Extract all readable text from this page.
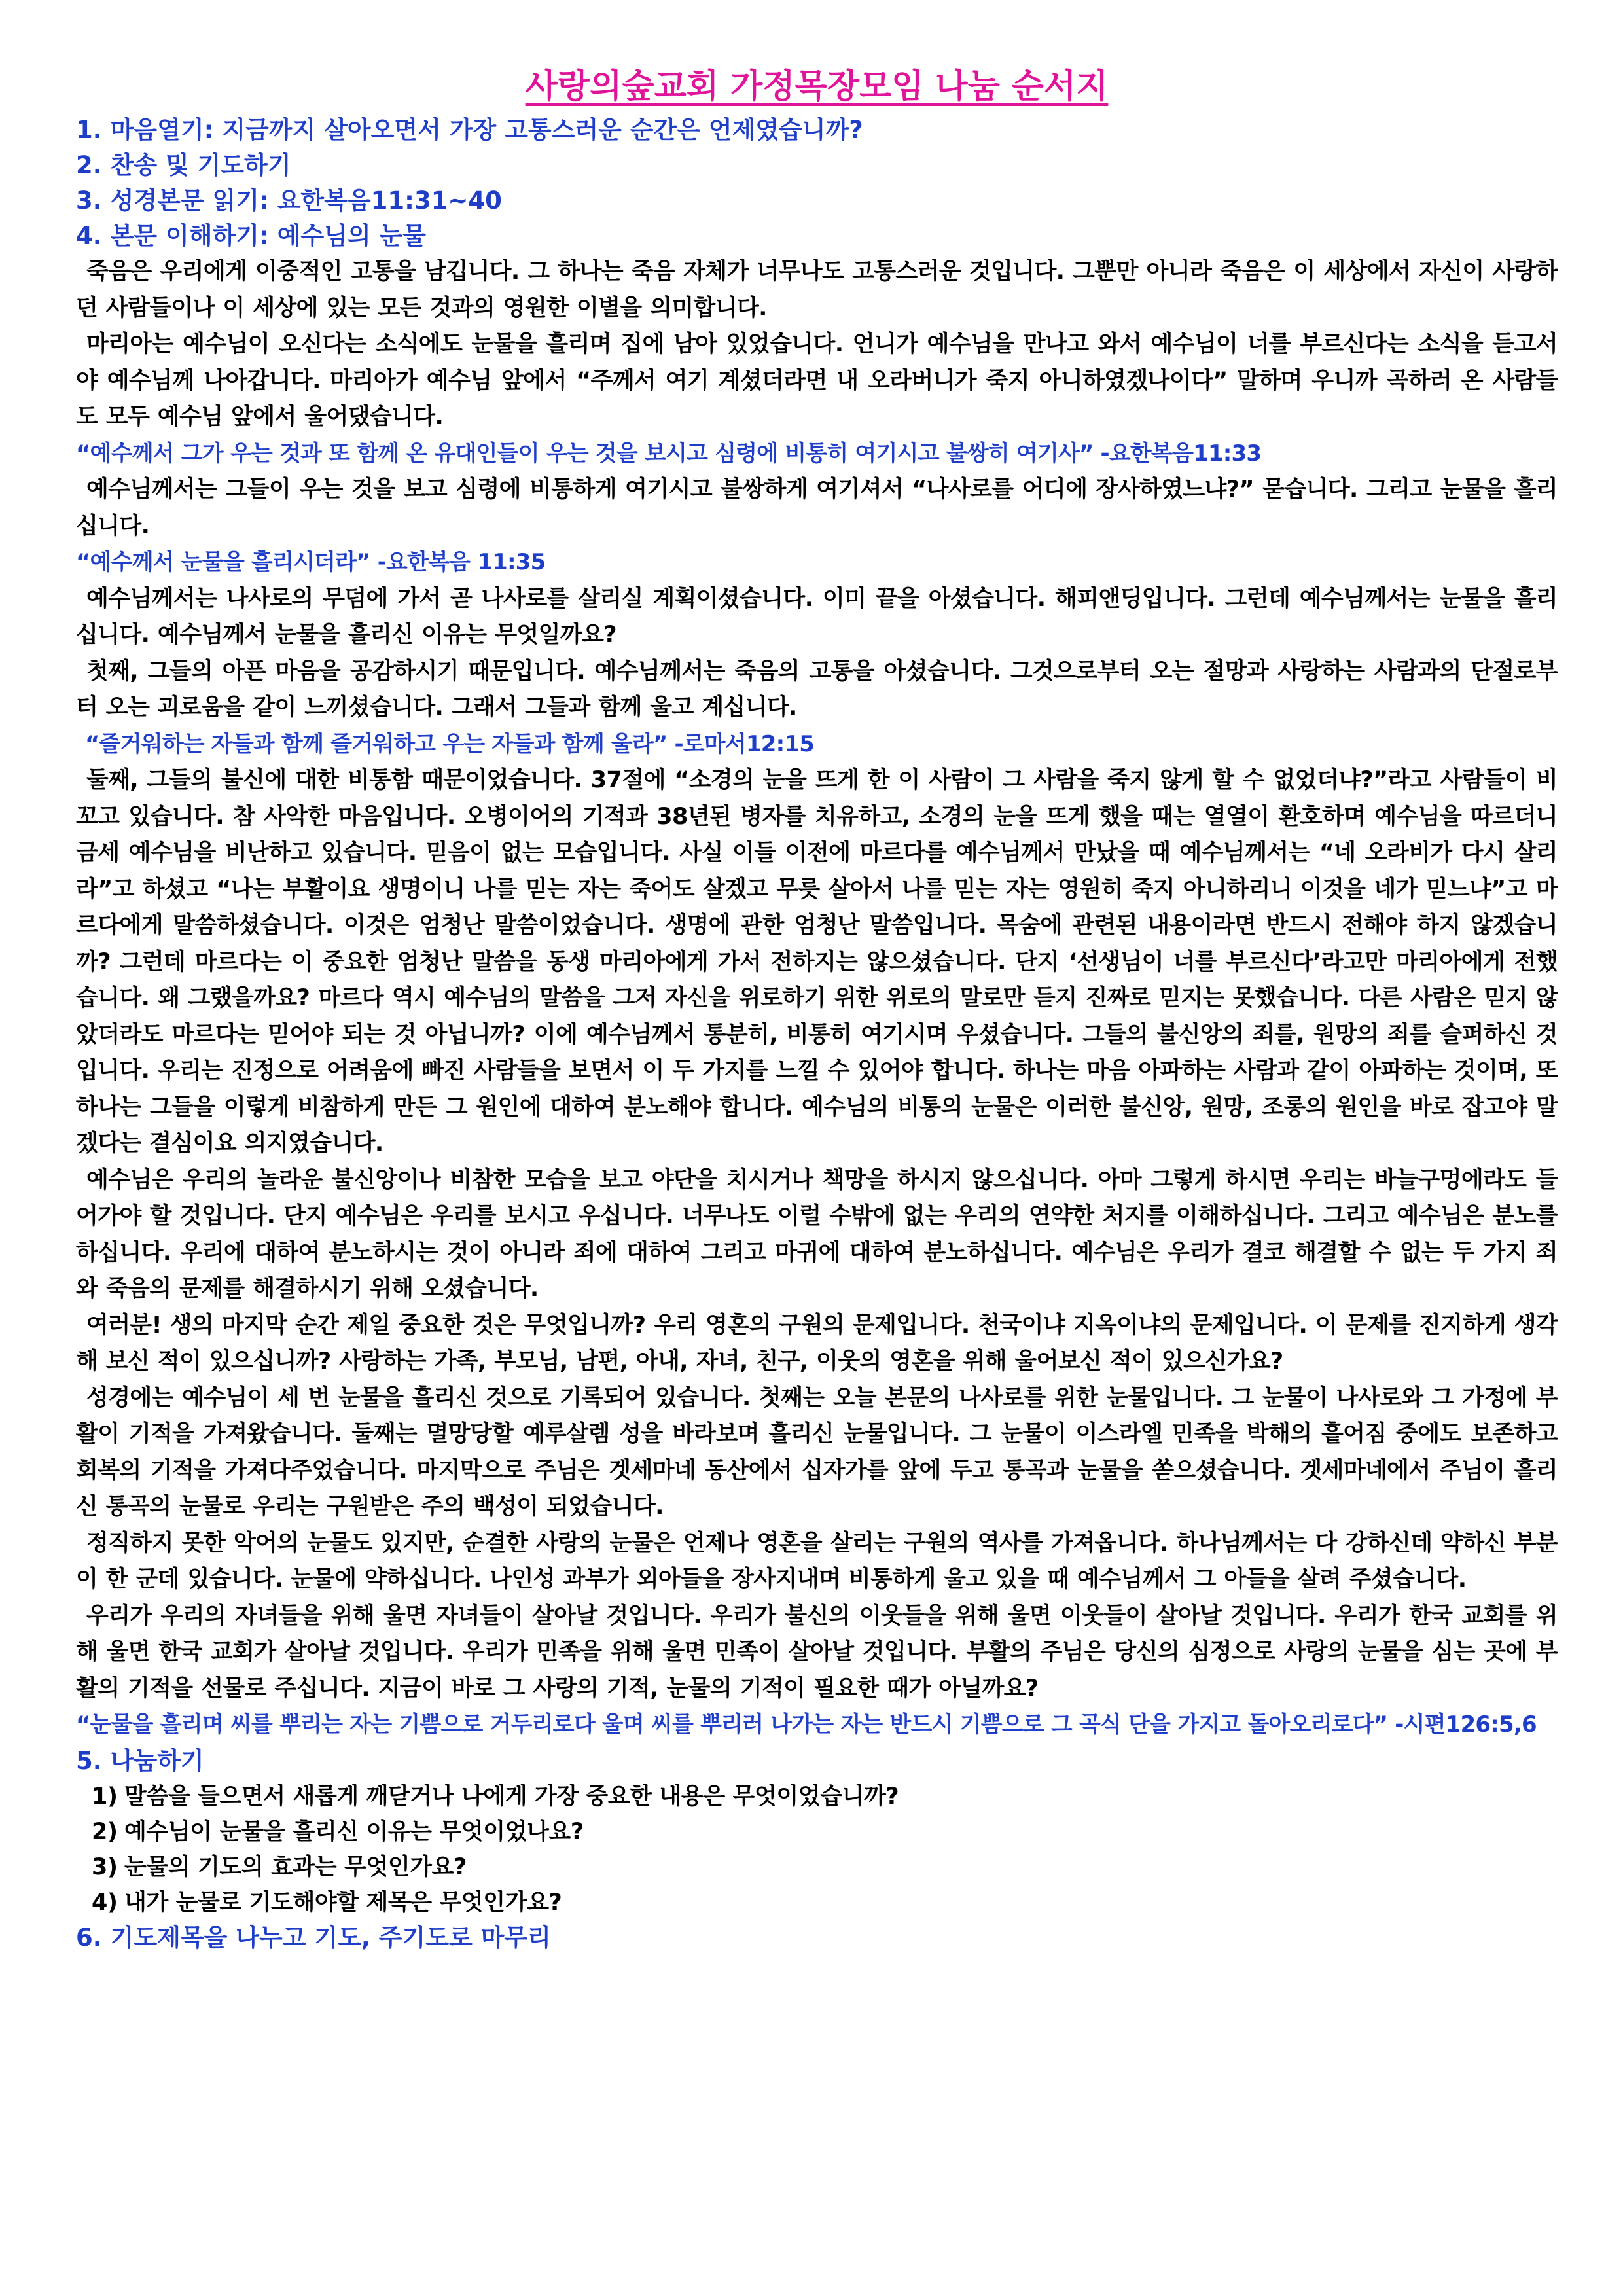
사랑의숲교회 가정목장모임 나눔 순서지

1. 마음열기: 지금까지 살아오면서 가장 고통스러운 순간은 언제였습니까?

2. 찬송 및 기도하기

3. 성경본문 읽기: 요한복음11:31~40

4. 본문 이해하기: 예수님의 눈물

죽음은 우리에게 이중적인 고통을 남깁니다. 그 하나는 죽음 자체가 너무나도 고통스러운 것입니다. 그뿐만 아니라 죽음은 이 세상에서 자신이 사랑하던 사람들이나 이 세상에 있는 모든 것과의 영원한 이별을 의미합니다.

마리아는 예수님이 오신다는 소식에도 눈물을 흘리며 집에 남아 있었습니다. 언니가 예수님을 만나고 와서 예수님이 너를 부르신다는 소식을 듣고서야 예수님께 나아갑니다. 마리아가 예수님 앞에서 “주께서 여기 계셨더라면 내 오라버니가 죽지 아니하였겠나이다” 말하며 우니까 곡하러 온 사람들도 모두 예수님 앞에서 울어댔습니다.

“예수께서 그가 우는 것과 또 함께 온 유대인들이 우는 것을 보시고 심령에 비통히 여기시고 불쌍히 여기사” -요한복음11:33

예수님께서는 그들이 우는 것을 보고 심령에 비통하게 여기시고 불쌍하게 여기셔서 “나사로를 어디에 장사하였느냐?” 묻습니다. 그리고 눈물을 흘리십니다.

“예수께서 눈물을 흘리시더라” -요한복음 11:35

예수님께서는 나사로의 무덤에 가서 곧 나사로를 살리실 계획이셨습니다. 이미 끝을 아셨습니다. 해피앤딩입니다. 그런데 예수님께서는 눈물을 흘리십니다. 예수님께서 눈물을 흘리신 이유는 무엇일까요?

첫째, 그들의 아픈 마음을 공감하시기 때문입니다. 예수님께서는 죽음의 고통을 아셨습니다. 그것으로부터 오는 절망과 사랑하는 사람과의 단절로부터 오는 괴로움을 같이 느끼셨습니다. 그래서 그들과 함께 울고 계십니다.

“즐거워하는 자들과 함께 즐거워하고 우는 자들과 함께 울라” -로마서12:15

둘째, 그들의 불신에 대한 비통함 때문이었습니다. 37절에 “소경의 눈을 뜨게 한 이 사람이 그 사람을 죽지 않게 할 수 없었더냐?”라고 사람들이 비꼬고 있습니다. 참 사악한 마음입니다. 오병이어의 기적과 38년된 병자를 치유하고, 소경의 눈을 뜨게 했을 때는 열열이 환호하며 예수님을 따르더니 금세 예수님을 비난하고 있습니다. 믿음이 없는 모습입니다. 사실 이들 이전에 마르다를 예수님께서 만났을 때 예수님께서는 “네 오라비가 다시 살리라”고 하셨고 “나는 부활이요 생명이니 나를 믿는 자는 죽어도 살겠고 무릇 살아서 나를 믿는 자는 영원히 죽지 아니하리니 이것을 네가 믿느냐”고 마르다에게 말씀하셨습니다. 이것은 엄청난 말씀이었습니다. 생명에 관한 엄청난 말씀입니다. 목숨에 관련된 내용이라면 반드시 전해야 하지 않겠습니까? 그런데 마르다는 이 중요한 엄청난 말씀을 동생 마리아에게 가서 전하지는 않으셨습니다. 단지 ‘선생님이 너를 부르신다’라고만 마리아에게 전했습니다. 왜 그랬을까요? 마르다 역시 예수님의 말씀을 그저 자신을 위로하기 위한 위로의 말로만 듣지 진짜로 믿지는 못했습니다. 다른 사람은 믿지 않았더라도 마르다는 믿어야 되는 것 아닙니까? 이에 예수님께서 통분히, 비통히 여기시며 우셨습니다. 그들의 불신앙의 죄를, 원망의 죄를 슬퍼하신 것입니다. 우리는 진정으로 어려움에 빠진 사람들을 보면서 이 두 가지를 느낄 수 있어야 합니다. 하나는 마음 아파하는 사람과 같이 아파하는 것이며, 또 하나는 그들을 이렇게 비참하게 만든 그 원인에 대하여 분노해야 합니다. 예수님의 비통의 눈물은 이러한 불신앙, 원망, 조롱의 원인을 바로 잡고야 말겠다는 결심이요 의지였습니다.

예수님은 우리의 놀라운 불신앙이나 비참한 모습을 보고 야단을 치시거나 책망을 하시지 않으십니다. 아마 그렇게 하시면 우리는 바늘구멍에라도 들어가야 할 것입니다. 단지 예수님은 우리를 보시고 우십니다. 너무나도 이럴 수밖에 없는 우리의 연약한 처지를 이해하십니다. 그리고 예수님은 분노를 하십니다. 우리에 대하여 분노하시는 것이 아니라 죄에 대하여 그리고 마귀에 대하여 분노하십니다. 예수님은 우리가 결코 해결할 수 없는 두 가지 죄와 죽음의 문제를 해결하시기 위해 오셨습니다.

여러분! 생의 마지막 순간 제일 중요한 것은 무엇입니까? 우리 영혼의 구원의 문제입니다. 천국이냐 지옥이냐의 문제입니다. 이 문제를 진지하게 생각해 보신 적이 있으십니까? 사랑하는 가족, 부모님, 남편, 아내, 자녀, 친구, 이웃의 영혼을 위해 울어보신 적이 있으신가요?

성경에는 예수님이 세 번 눈물을 흘리신 것으로 기록되어 있습니다. 첫째는 오늘 본문의 나사로를 위한 눈물입니다. 그 눈물이 나사로와 그 가정에 부활이 기적을 가져왔습니다. 둘째는 멸망당할 예루살렘 성을 바라보며 흘리신 눈물입니다. 그 눈물이 이스라엘 민족을 박해의 흩어짐 중에도 보존하고 회복의 기적을 가져다주었습니다. 마지막으로 주님은 겟세마네 동산에서 십자가를 앞에 두고 통곡과 눈물을 쏟으셨습니다. 겟세마네에서 주님이 흘리신 통곡의 눈물로 우리는 구원받은 주의 백성이 되었습니다.

정직하지 못한 악어의 눈물도 있지만, 순결한 사랑의 눈물은 언제나 영혼을 살리는 구원의 역사를 가져옵니다. 하나님께서는 다 강하신데 약하신 부분이 한 군데 있습니다. 눈물에 약하십니다. 나인성 과부가 외아들을 장사지내며 비통하게 울고 있을 때 예수님께서 그 아들을 살려 주셨습니다.

우리가 우리의 자녀들을 위해 울면 자녀들이 살아날 것입니다. 우리가 불신의 이웃들을 위해 울면 이웃들이 살아날 것입니다. 우리가 한국 교회를 위해 울면 한국 교회가 살아날 것입니다. 우리가 민족을 위해 울면 민족이 살아날 것입니다. 부활의 주님은 당신의 심정으로 사랑의 눈물을 심는 곳에 부활의 기적을 선물로 주십니다. 지금이 바로 그 사랑의 기적, 눈물의 기적이 필요한 때가 아닐까요?

“눈물을 흘리며 씨를 뿌리는 자는 기쁨으로 거두리로다 울며 씨를 뿌리러 나가는 자는 반드시 기쁨으로 그 곡식 단을 가지고 돌아오리로다” -시편126:5,6

5. 나눔하기

1) 말씀을 들으면서 새롭게 깨닫거나 나에게 가장 중요한 내용은 무엇이었습니까?
2) 예수님이 눈물을 흘리신 이유는 무엇이었나요?
3) 눈물의 기도의 효과는 무엇인가요?
4) 내가 눈물로 기도해야할 제목은 무엇인가요?

6. 기도제목을 나누고 기도, 주기도로 마무리
